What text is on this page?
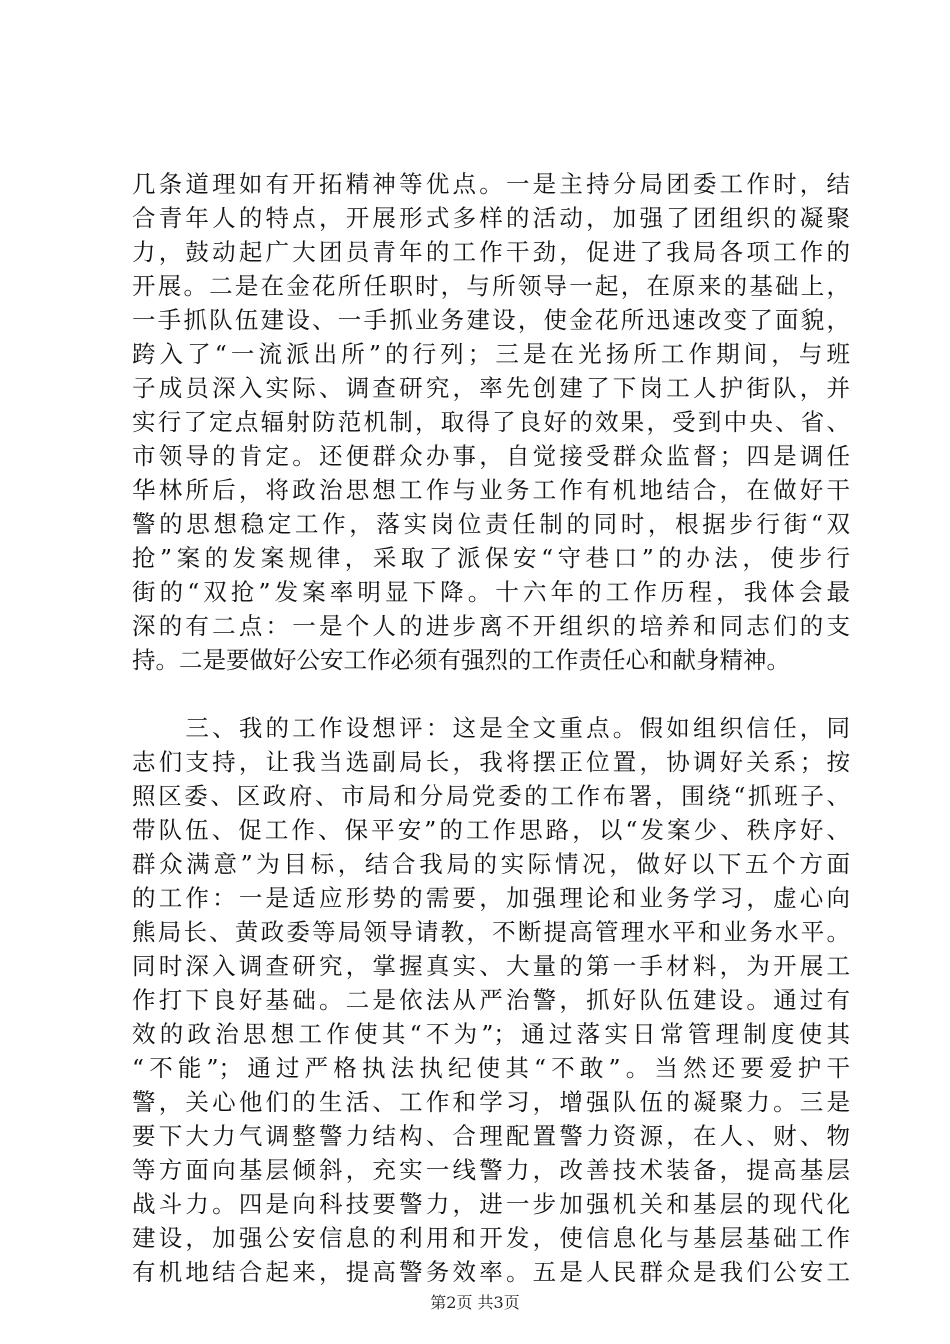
几条道理如有开拓精神等优点。一是主持分局团委工作时，结
合青年人的特点，开展形式多样的活动，加强了团组织的凝聚
力，鼓动起广大团员青年的工作干劲，促进了我局各项工作的
开展。二是在金花所任职时，与所领导一起，在原来的基础上，
一手抓队伍建设、一手抓业务建设，使金花所迅速改变了面貌，
跨入了“一流派出所”的行列；三是在光扬所工作期间，与班
子成员深入实际、调查研究，率先创建了下岗工人护街队，并
实行了定点辐射防范机制，取得了良好的效果，受到中央、省、
市领导的肯定。还便群众办事，自觉接受群众监督；四是调任
华林所后，将政治思想工作与业务工作有机地结合，在做好干
警的思想稳定工作，落实岗位责任制的同时，根据步行街“双
抢”案的发案规律，采取了派保安“守巷口”的办法，使步行
街的“双抢”发案率明显下降。十六年的工作历程，我体会最
深的有二点：一是个人的进步离不开组织的培养和同志们的支
持。二是要做好公安工作必须有强烈的工作责任心和献身精神。
　　三、我的工作设想评：这是全文重点。假如组织信任，同
志们支持，让我当选副局长，我将摆正位置，协调好关系；按
照区委、区政府、市局和分局党委的工作布署，围绕“抓班子、
带队伍、促工作、保平安”的工作思路，以“发案少、秩序好、
群众满意”为目标，结合我局的实际情况，做好以下五个方面
的工作：一是适应形势的需要，加强理论和业务学习，虚心向
熊局长、黄政委等局领导请教，不断提高管理水平和业务水平。
同时深入调查研究，掌握真实、大量的第一手材料，为开展工
作打下良好基础。二是依法从严治警，抓好队伍建设。通过有
效的政治思想工作使其“不为”；通过落实日常管理制度使其
“不能”；通过严格执法执纪使其“不敢”。当然还要爱护干
警，关心他们的生活、工作和学习，增强队伍的凝聚力。三是
要下大力气调整警力结构、合理配置警力资源，在人、财、物
等方面向基层倾斜，充实一线警力，改善技术装备，提高基层
战斗力。四是向科技要警力，进一步加强机关和基层的现代化
建设，加强公安信息的利用和开发，使信息化与基层基础工作
有机地结合起来，提高警务效率。五是人民群众是我们公安工
第2页 共3页
